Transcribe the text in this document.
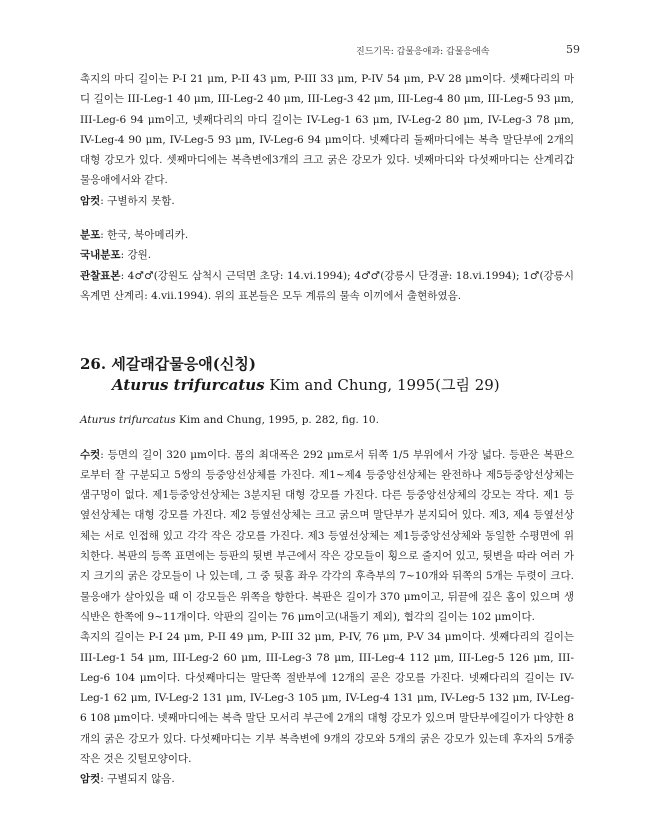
진드기목: 갑물응애과: 갑물응애속	59

촉지의 마디 길이는 P-I 21 μm, P-II 43 μm, P-III 33 μm, P-IV 54 μm, P-V 28 μm이다. 셋째다리의 마디 길이는 III-Leg-1 40 μm, III-Leg-2 40 μm, III-Leg-3 42 μm, III-Leg-4 80 μm, III-Leg-5 93 μm, III-Leg-6 94 μm이고, 넷째다리의 마디 길이는 IV-Leg-1 63 μm, IV-Leg-2 80 μm, IV-Leg-3 78 μm, IV-Leg-4 90 μm, IV-Leg-5 93 μm, IV-Leg-6 94 μm이다. 넷째다리 둘째마디에는 복측 말단부에 2개의 대형 강모가 있다. 셋째마디에는 복측변에3개의 크고 굵은 강모가 있다. 넷째마디와 다섯째마디는 산계리갑물응애에서와 같다.

암컷: 구별하지 못함.

분포: 한국, 북아메리카.

국내분포: 강원.

관찰표본: 4♂♂(강원도 삼척시 근덕면 초당: 14.vi.1994); 4♂♂(강릉시 단경골: 18.vi.1994); 1♂(강릉시 옥계면 산계리: 4.vii.1994). 위의 표본들은 모두 계류의 물속 이끼에서 출현하였음.

26. 세갈래갑물응애(신칭)
Aturus trifurcatus Kim and Chung, 1995(그림 29)

Aturus trifurcatus Kim and Chung, 1995, p. 282, fig. 10.

수컷: 등면의 길이 320 μm이다. 몸의 최대폭은 292 μm로서 뒤쪽 1/5 부위에서 가장 넓다. 등판은 복판으로부터 잘 구분되고 5쌍의 등중앙선상체를 가진다. 제1~제4 등중앙선상체는 완전하나 제5등중앙선상체는 샘구멍이 없다. 제1등중앙선상체는 3분지된 대형 강모를 가진다. 다른 등중앙선상체의 강모는 작다. 제1 등옆선상체는 대형 강모를 가진다. 제2 등옆선상체는 크고 굵으며 말단부가 분지되어 있다. 제3, 제4 등옆선상체는 서로 인접해 있고 각각 작은 강모를 가진다. 제3 등옆선상체는 제1등중앙선상체와 동일한 수평면에 위치한다. 복판의 등쪽 표면에는 등판의 뒷변 부근에서 작은 강모들이 횡으로 줄지어 있고, 뒷변을 따라 여러 가지 크기의 굵은 강모들이 나 있는데, 그 중 뒷홈 좌우 각각의 후측부의 7~10개와 뒤쪽의 5개는 두렷이 크다. 물응애가 살아있을 때 이 강모들은 위쪽을 향한다. 복판은 길이가 370 μm이고, 뒤끝에 깊은 홈이 있으며 생식반은 한쪽에 9~11개이다. 악판의 길이는 76 μm이고(내돌기 제외), 협각의 길이는 102 μm이다.

촉지의 길이는 P-I 24 μm, P-II 49 μm, P-III 32 μm, P-IV, 76 μm, P-V 34 μm이다. 셋째다리의 길이는 III-Leg-1 54 μm, III-Leg-2 60 μm, III-Leg-3 78 μm, III-Leg-4 112 μm, III-Leg-5 126 μm, III-Leg-6 104 μm이다. 다섯째마디는 말단쪽 절반부에 12개의 곧은 강모를 가진다. 넷째다리의 길이는 IV-Leg-1 62 μm, IV-Leg-2 131 μm, IV-Leg-3 105 μm, IV-Leg-4 131 μm, IV-Leg-5 132 μm, IV-Leg-6 108 μm이다. 넷째마디에는 복측 말단 모서리 부근에 2개의 대형 강모가 있으며 말단부에길이가 다양한 8개의 굵은 강모가 있다. 다섯째마디는 기부 복측변에 9개의 강모와 5개의 굵은 강모가 있는데 후자의 5개중 작은 것은 깃털모양이다.

암컷: 구별되지 않음.
